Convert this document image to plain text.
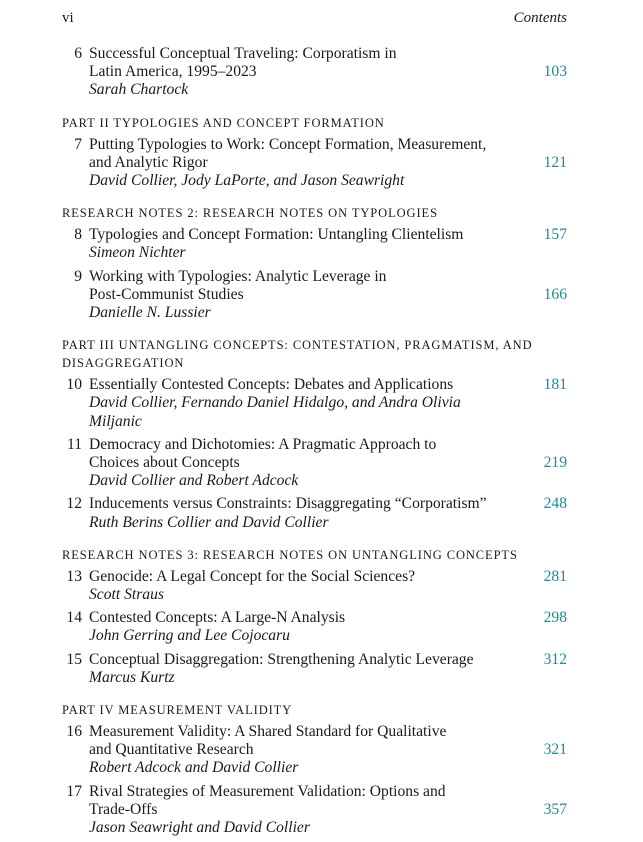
vi	Contents
6 Successful Conceptual Traveling: Corporatism in
Latin America, 1995–2023
Sarah Chartock
103
PART II TYPOLOGIES AND CONCEPT FORMATION
7 Putting Typologies to Work: Concept Formation, Measurement,
and Analytic Rigor
David Collier, Jody LaPorte, and Jason Seawright
121
RESEARCH NOTES 2: RESEARCH NOTES ON TYPOLOGIES
8 Typologies and Concept Formation: Untangling Clientelism
Simeon Nichter
157
9 Working with Typologies: Analytic Leverage in
Post-Communist Studies
Danielle N. Lussier
166
PART III UNTANGLING CONCEPTS: CONTESTATION, PRAGMATISM, AND DISAGGREGATION
10 Essentially Contested Concepts: Debates and Applications
David Collier, Fernando Daniel Hidalgo, and Andra Olivia Miljanic
181
11 Democracy and Dichotomies: A Pragmatic Approach to
Choices about Concepts
David Collier and Robert Adcock
219
12 Inducements versus Constraints: Disaggregating “Corporatism”
Ruth Berins Collier and David Collier
248
RESEARCH NOTES 3: RESEARCH NOTES ON UNTANGLING CONCEPTS
13 Genocide: A Legal Concept for the Social Sciences?
Scott Straus
281
14 Contested Concepts: A Large-N Analysis
John Gerring and Lee Cojocaru
298
15 Conceptual Disaggregation: Strengthening Analytic Leverage
Marcus Kurtz
312
PART IV MEASUREMENT VALIDITY
16 Measurement Validity: A Shared Standard for Qualitative
and Quantitative Research
Robert Adcock and David Collier
321
17 Rival Strategies of Measurement Validation: Options and
Trade-Offs
Jason Seawright and David Collier
357
